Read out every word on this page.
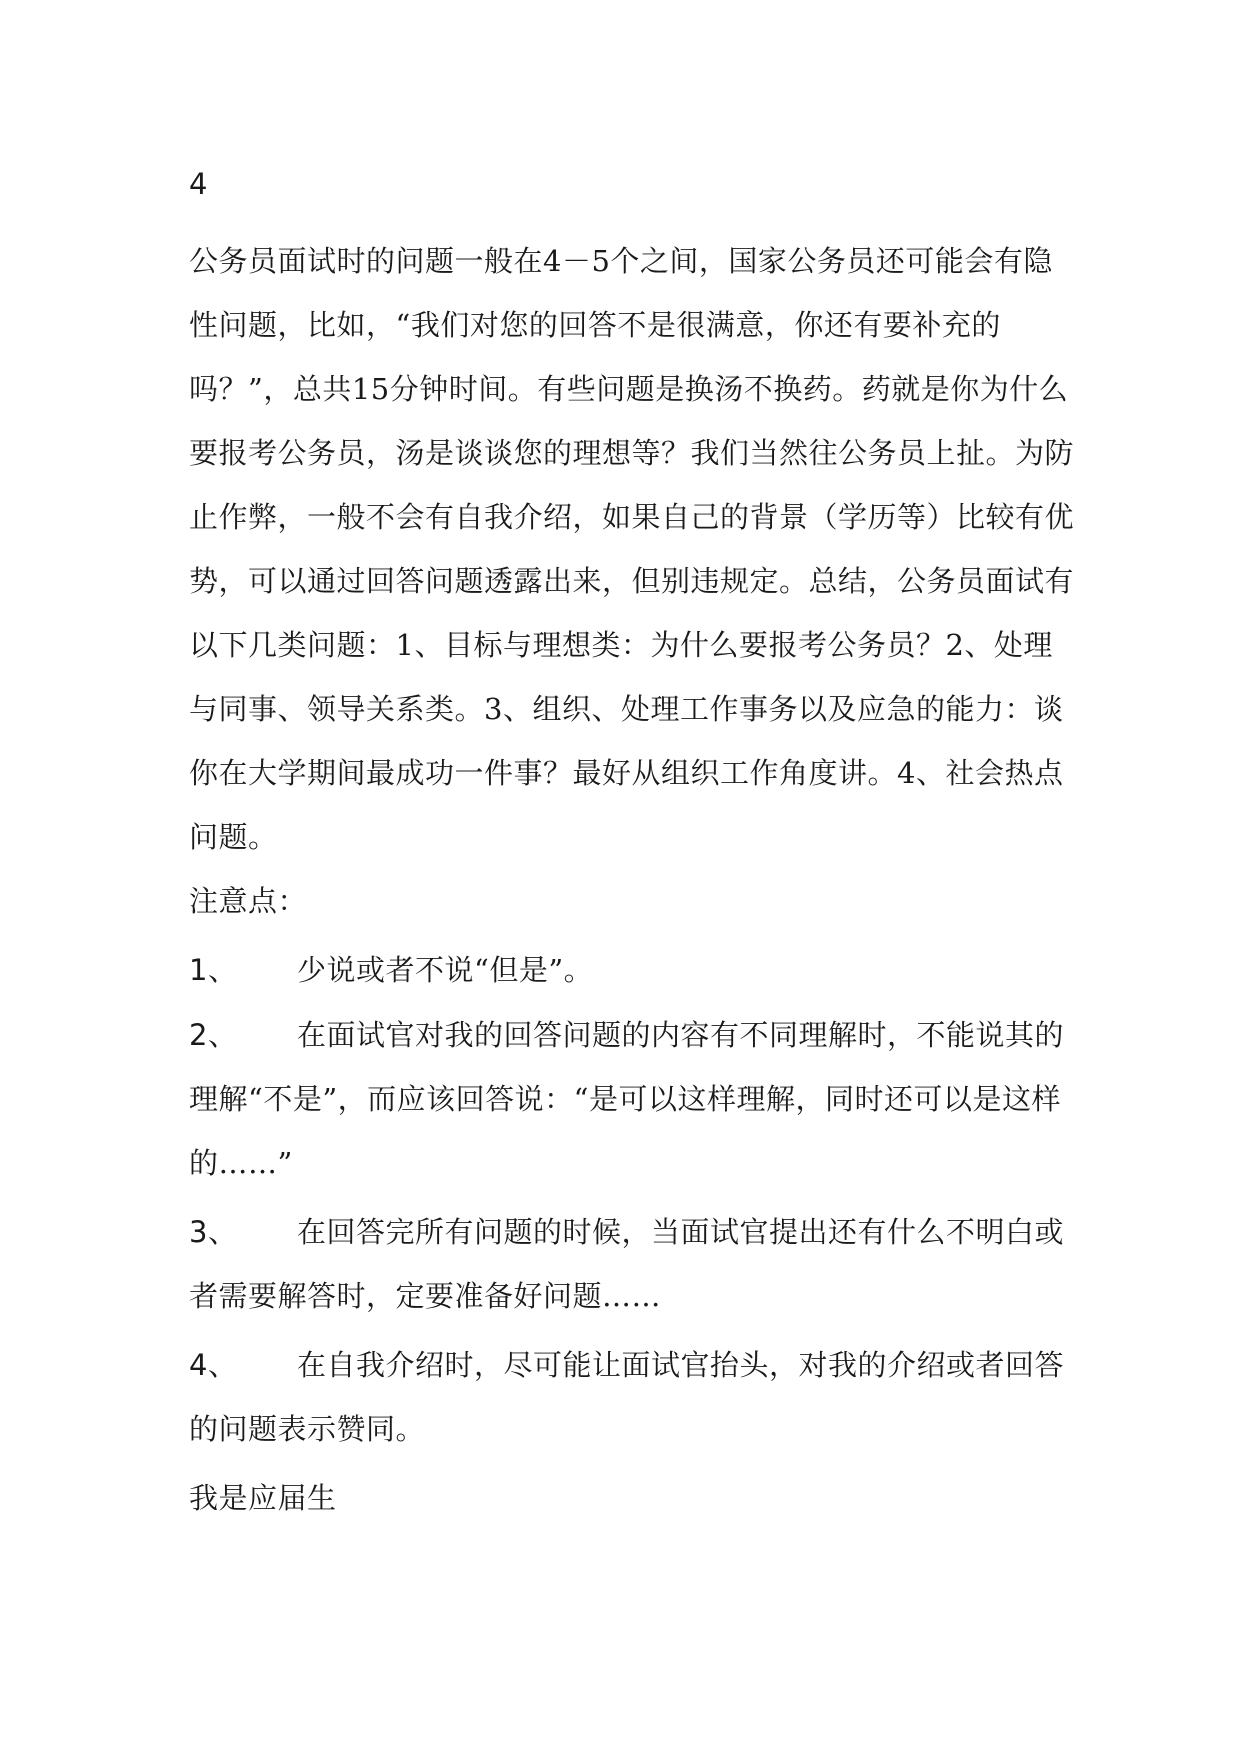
4
公务员面试时的问题一般在4－5个之间，国家公务员还可能会有隐
性问题，比如，“我们对您的回答不是很满意，你还有要补充的
吗？”，总共15分钟时间。有些问题是换汤不换药。药就是你为什么
要报考公务员，汤是谈谈您的理想等？我们当然往公务员上扯。为防
止作弊，一般不会有自我介绍，如果自己的背景（学历等）比较有优
势，可以通过回答问题透露出来，但别违规定。总结，公务员面试有
以下几类问题：1、目标与理想类：为什么要报考公务员？2、处理
与同事、领导关系类。3、组织、处理工作事务以及应急的能力：谈
你在大学期间最成功一件事？最好从组织工作角度讲。4、社会热点
问题。
注意点：
1、 少说或者不说“但是”。
2、 在面试官对我的回答问题的内容有不同理解时，不能说其的
理解“不是”，而应该回答说：“是可以这样理解，同时还可以是这样
的……”
3、 在回答完所有问题的时候，当面试官提出还有什么不明白或
者需要解答时，定要准备好问题……
4、 在自我介绍时，尽可能让面试官抬头，对我的介绍或者回答
的问题表示赞同。
我是应届生
